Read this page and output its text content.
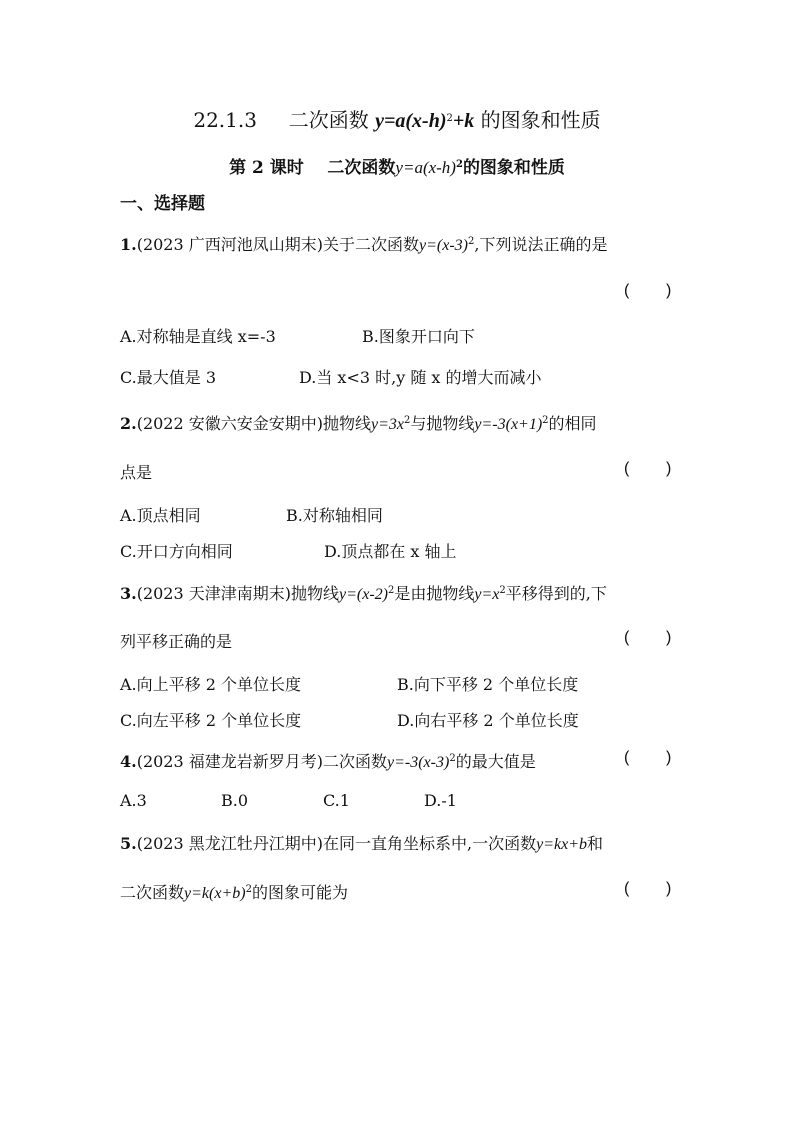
22.1.3 二次函数 $y=a(x-h)^2+k$ 的图象和性质
第 2 课时 二次函数$y=a(x-h)^2$的图象和性质
一、选择题
1.(2023 广西河池凤山期末)关于二次函数$y=(x-3)^2$,下列说法正确的是
( )
A.对称轴是直线 x=-3	B.图象开口向下
C.最大值是 3	D.当 x<3 时,y 随 x 的增大而减小
2.(2022 安徽六安金安期中)抛物线$y=3x^2$与抛物线$y=-3(x+1)^2$的相同
点是	( )
A.顶点相同	B.对称轴相同
C.开口方向相同	D.顶点都在 x 轴上
3.(2023 天津津南期末)抛物线$y=(x-2)^2$是由抛物线$y=x^2$平移得到的,下
列平移正确的是	( )
A.向上平移 2 个单位长度	B.向下平移 2 个单位长度
C.向左平移 2 个单位长度	D.向右平移 2 个单位长度
4.(2023 福建龙岩新罗月考)二次函数$y=-3(x-3)^2$的最大值是	( )
A.3	B.0	C.1	D.-1
5.(2023 黑龙江牡丹江期中)在同一直角坐标系中,一次函数y=kx+b和
二次函数$y=k(x+b)^2$的图象可能为	( )
